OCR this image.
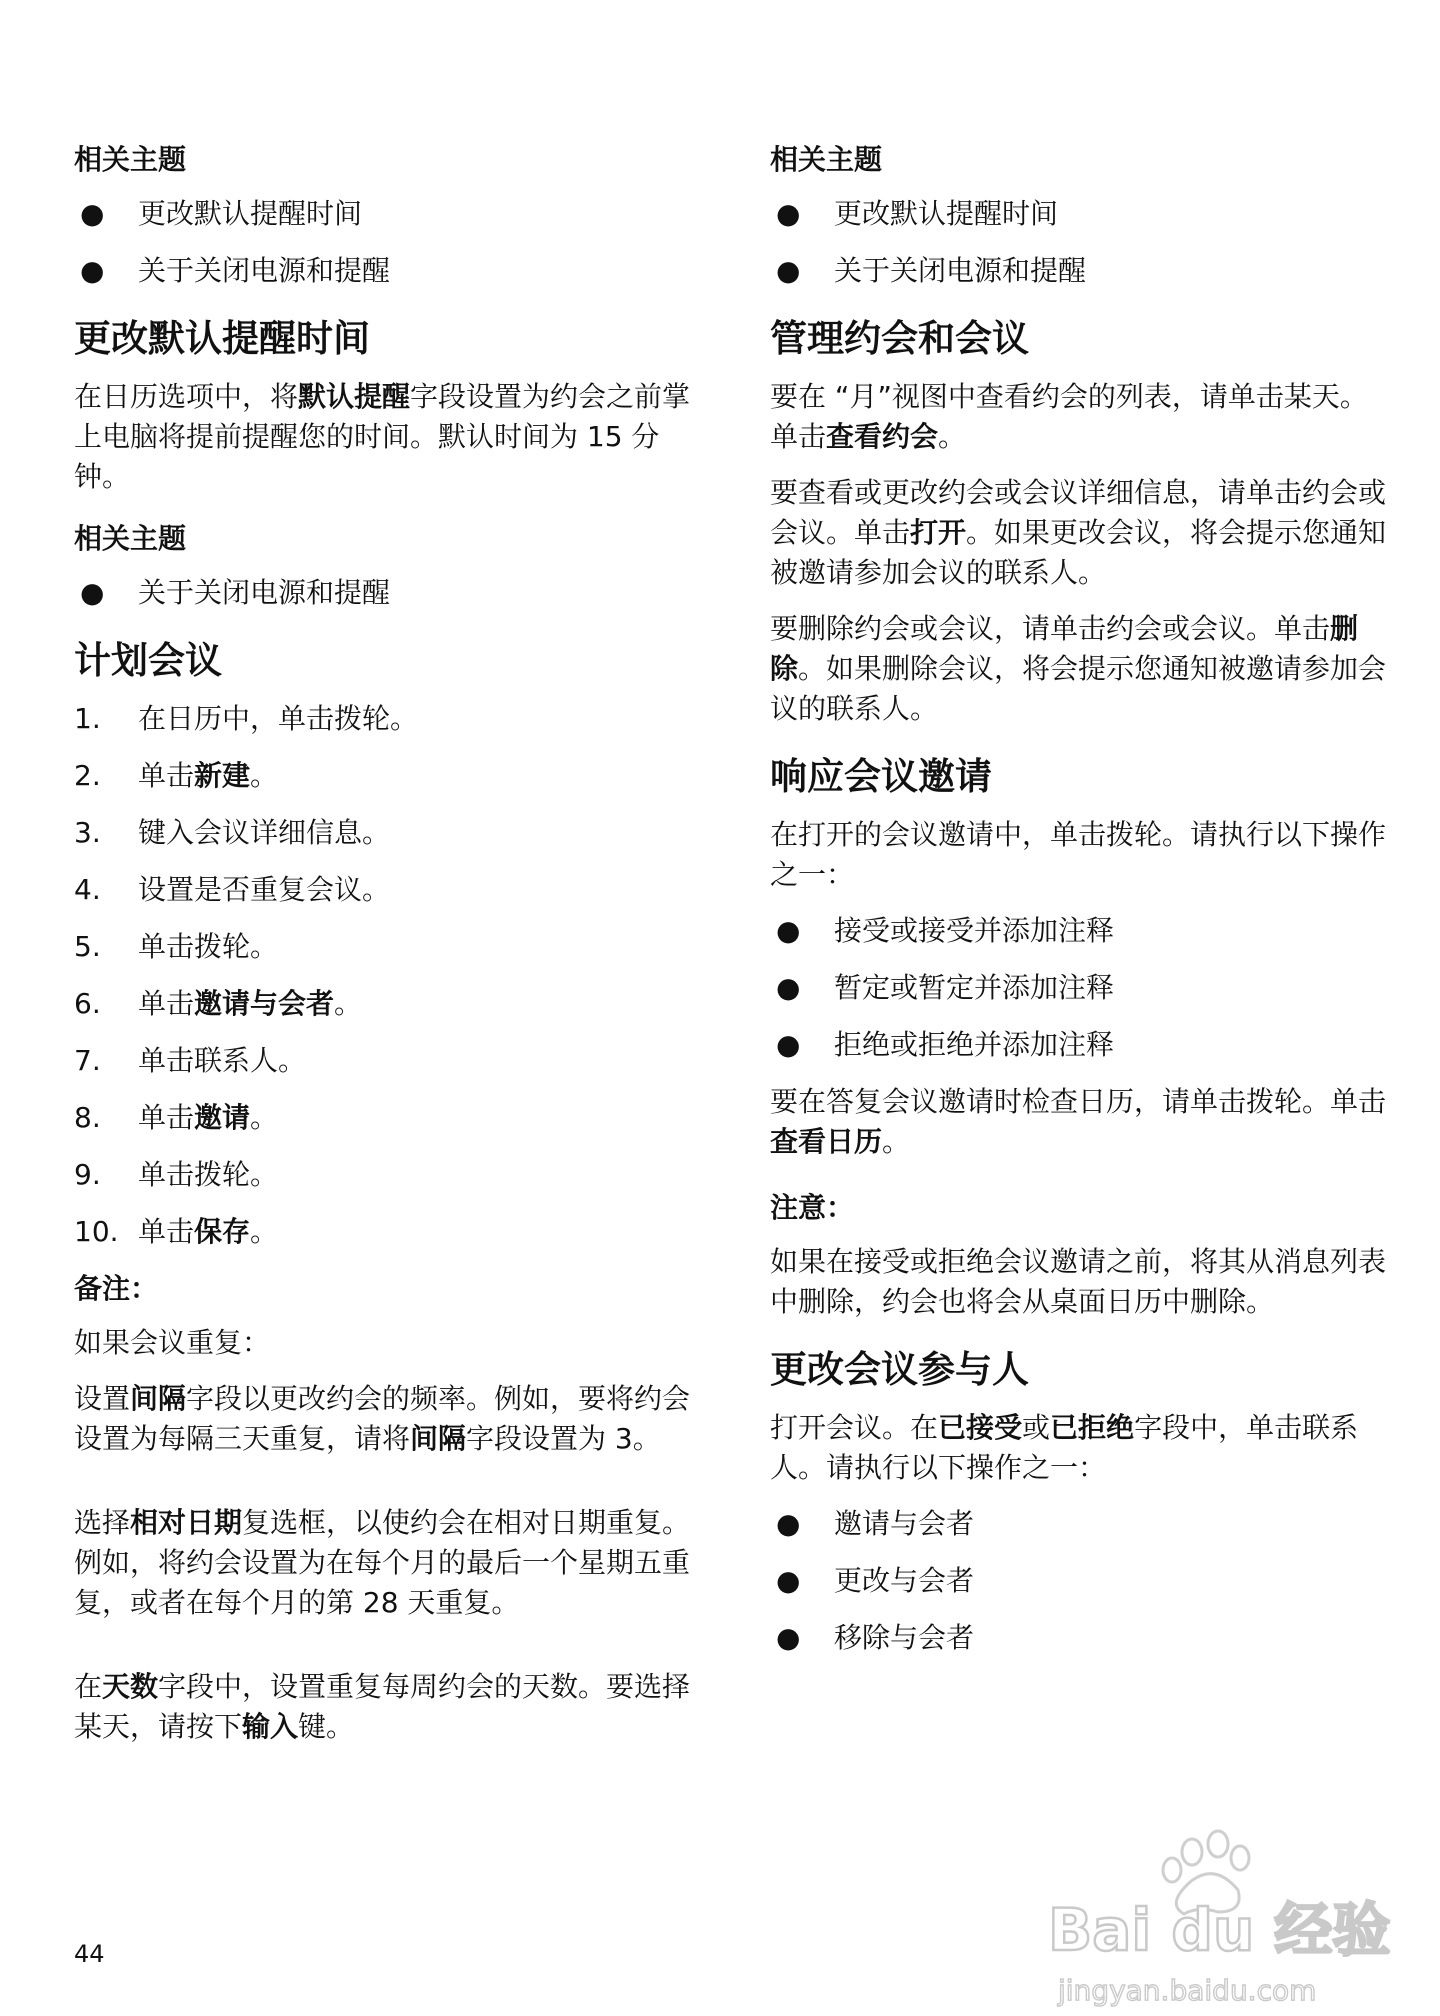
相关主题
●	更改默认提醒时间
●	关于关闭电源和提醒
更改默认提醒时间
在日历选项中，将默认提醒字段设置为约会之前掌上电脑将提前提醒您的时间。默认时间为 15 分钟。
相关主题
●	关于关闭电源和提醒
计划会议
1.	在日历中，单击拨轮。
2.	单击新建。
3.	键入会议详细信息。
4.	设置是否重复会议。
5.	单击拨轮。
6.	单击邀请与会者。
7.	单击联系人。
8.	单击邀请。
9.	单击拨轮。
10. 单击保存。
备注：
如果会议重复：
设置间隔字段以更改约会的频率。例如，要将约会设置为每隔三天重复，请将间隔字段设置为 3。
选择相对日期复选框，以使约会在相对日期重复。例如，将约会设置为在每个月的最后一个星期五重复，或者在每个月的第 28 天重复。
在天数字段中，设置重复每周约会的天数。要选择某天，请按下输入键。
相关主题
●	更改默认提醒时间
●	关于关闭电源和提醒
管理约会和会议
要在 “月”视图中查看约会的列表，请单击某天。单击查看约会。
要查看或更改约会或会议详细信息，请单击约会或会议。单击打开。如果更改会议，将会提示您通知被邀请参加会议的联系人。
要删除约会或会议，请单击约会或会议。单击删除。如果删除会议，将会提示您通知被邀请参加会议的联系人。
响应会议邀请
在打开的会议邀请中，单击拨轮。请执行以下操作之一：
●	接受或接受并添加注释
●	暂定或暂定并添加注释
●	拒绝或拒绝并添加注释
要在答复会议邀请时检查日历，请单击拨轮。单击查看日历。
注意：
如果在接受或拒绝会议邀请之前，将其从消息列表中删除，约会也将会从桌面日历中删除。
更改会议参与人
打开会议。在已接受或已拒绝字段中，单击联系人。请执行以下操作之一：
●	邀请与会者
●	更改与会者
●	移除与会者
44	Bai du 经验
jingyan.baidu.com
